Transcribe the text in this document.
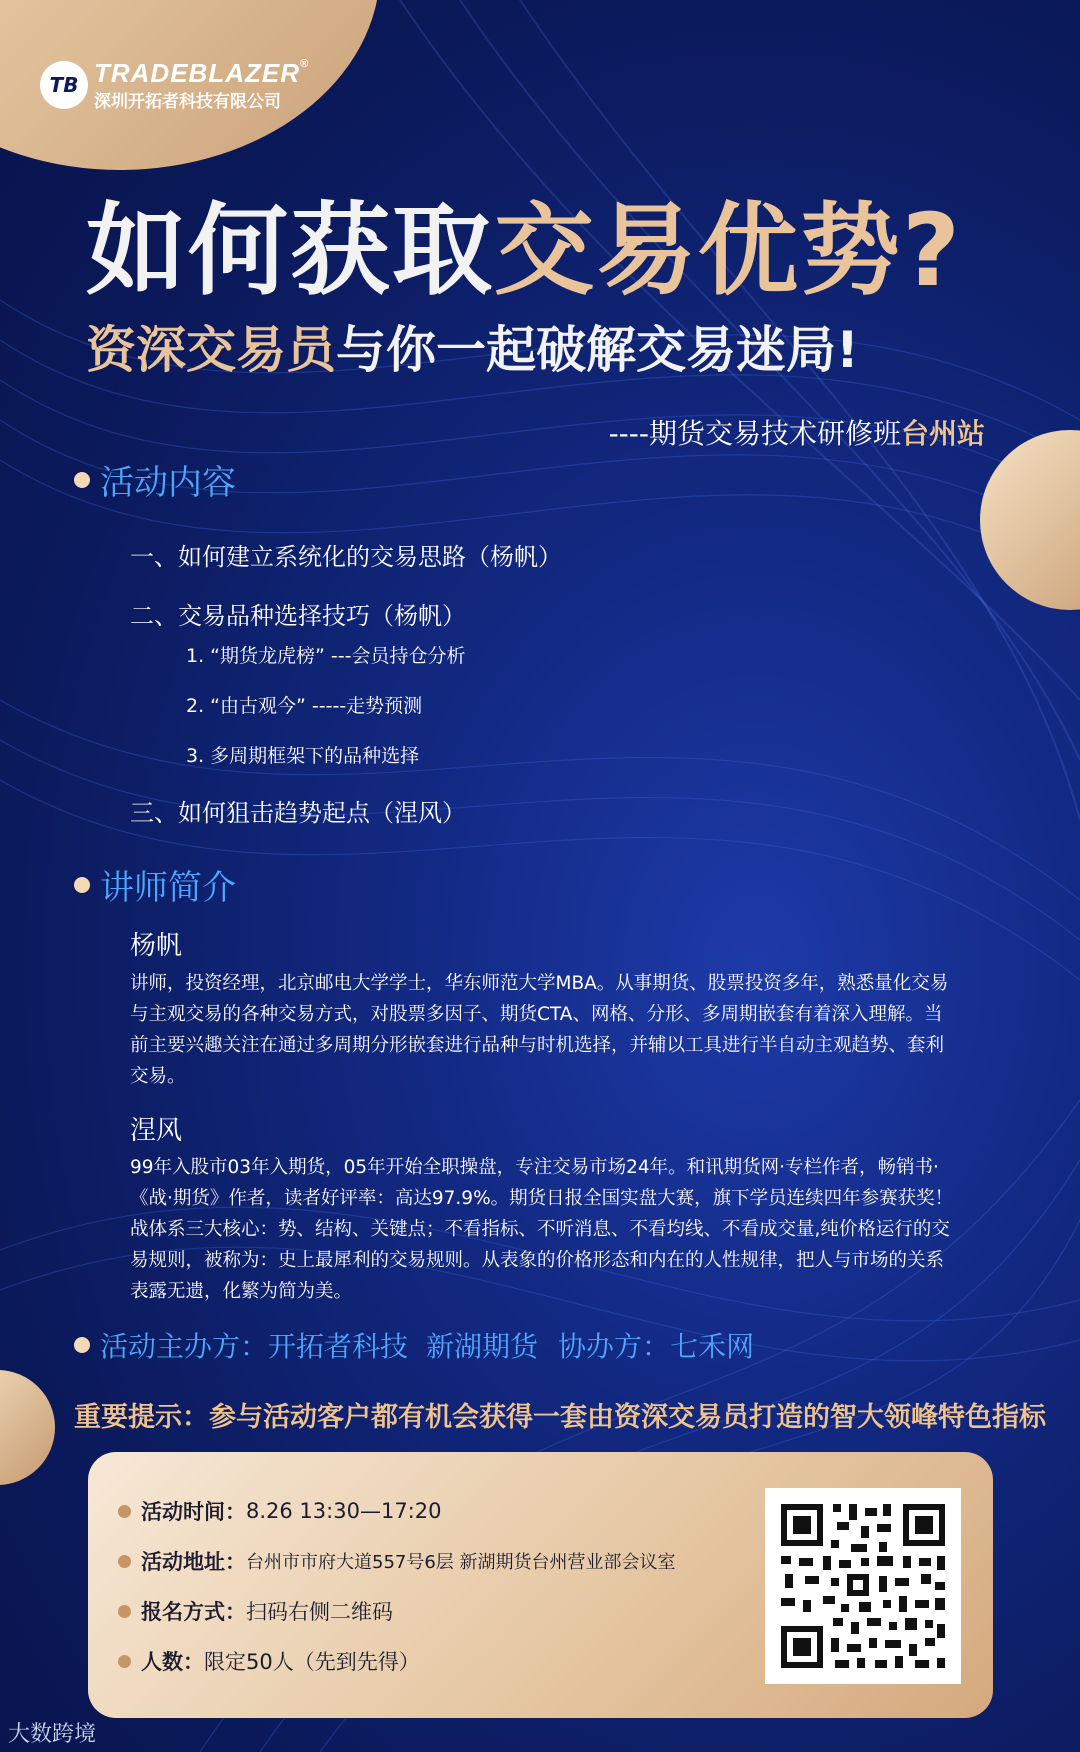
TB TRADEBLAZER®
深圳开拓者科技有限公司
如何获取交易优势?
资深交易员与你一起破解交易迷局!
----期货交易技术研修班台州站
活动内容
一、如何建立系统化的交易思路（杨帆）
二、交易品种选择技巧（杨帆）
1. “期货龙虎榜” ---会员持仓分析
2. “由古观今” -----走势预测
3. 多周期框架下的品种选择
三、如何狙击趋势起点（涅风）
讲师简介
杨帆
讲师，投资经理，北京邮电大学学士，华东师范大学MBA。从事期货、股票投资多年，熟悉量化交易与主观交易的各种交易方式，对股票多因子、期货CTA、网格、分形、多周期嵌套有着深入理解。当前主要兴趣关注在通过多周期分形嵌套进行品种与时机选择，并辅以工具进行半自动主观趋势、套利交易。
涅风
99年入股市03年入期货，05年开始全职操盘，专注交易市场24年。和讯期货网·专栏作者，畅销书·《战·期货》作者，读者好评率：高达97.9%。期货日报全国实盘大赛，旗下学员连续四年参赛获奖！战体系三大核心：势、结构、关键点；不看指标、不听消息、不看均线、不看成交量,纯价格运行的交易规则，被称为：史上最犀利的交易规则。从表象的价格形态和内在的人性规律，把人与市场的关系表露无遗，化繁为简为美。
活动主办方： 开拓者科技 新湖期货 协办方： 七禾网
重要提示：参与活动客户都有机会获得一套由资深交易员打造的智大领峰特色指标
活动时间： 8.26 13:30—17:20
活动地址： 台州市市府大道557号6层 新湖期货台州营业部会议室
报名方式： 扫码右侧二维码
人数： 限定50人（先到先得）
大数跨境
